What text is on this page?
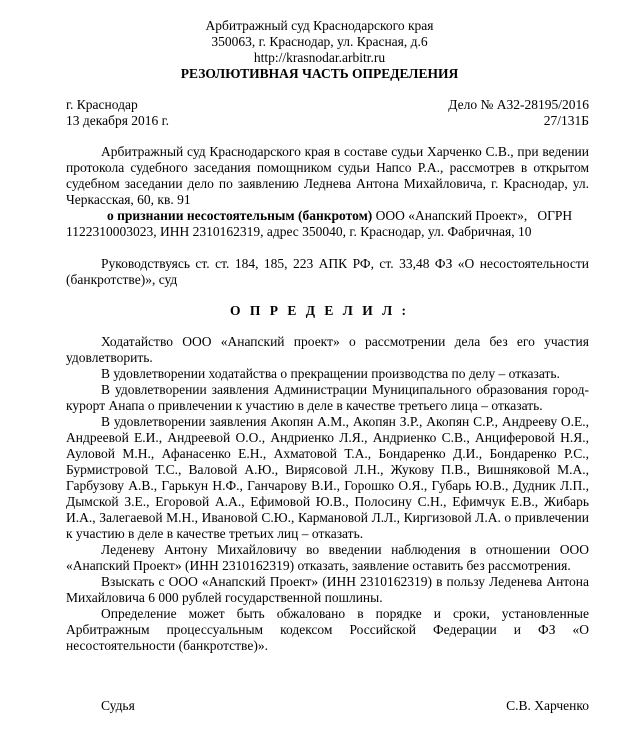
Арбитражный суд Краснодарского края
350063, г. Краснодар, ул. Красная, д.6
http://krasnodar.arbitr.ru
РЕЗОЛЮТИВНАЯ ЧАСТЬ ОПРЕДЕЛЕНИЯ
г. Краснодар	Дело № А32-28195/2016
13 декабря 2016 г.	27/131Б
Арбитражный суд Краснодарского края в составе судьи Харченко С.В., при ведении
протокола судебного заседания помощником судьи Напсо Р.А., рассмотрев в открытом
судебном заседании дело по заявлению Леднева Антона Михайловича, г. Краснодар, ул.
Черкасская, 60, кв. 91
о признании несостоятельным (банкротом) ООО «Анапский Проект»,   ОГРН
1122310003023, ИНН 2310162319, адрес 350040, г. Краснодар, ул. Фабричная, 10
Руководствуясь ст. ст. 184, 185, 223 АПК РФ, ст. 33,48 ФЗ «О несостоятельности
(банкротстве)», суд
О П Р Е Д Е Л И Л :
Ходатайство ООО «Анапский проект» о рассмотрении дела без его участия
удовлетворить.
В удовлетворении ходатайства о прекращении производства по делу – отказать.
В удовлетворении заявления Администрации Муниципального образования город-
курорт Анапа о привлечении к участию в деле в качестве третьего лица – отказать.
В удовлетворении заявления Акопян А.М., Акопян З.Р., Акопян С.Р., Андрееву О.Е.,
Андреевой Е.И., Андреевой О.О., Андриенко Л.Я., Андриенко С.В., Анциферовой Н.Я.,
Ауловой М.Н., Афанасенко Е.Н., Ахматовой Т.А., Бондаренко Д.И., Бондаренко Р.С.,
Бурмистровой Т.С., Валовой А.Ю., Вирясовой Л.Н., Жукову П.В., Вишняковой М.А.,
Гарбузову А.В., Гарькун Н.Ф., Ганчарову В.И., Горошко О.Я., Губарь Ю.В., Дудник Л.П.,
Дымской З.Е., Егоровой А.А., Ефимовой Ю.В., Полосину С.Н., Ефимчук Е.В., Жибарь
И.А., Залегаевой М.Н., Ивановой С.Ю., Кармановой Л.Л., Киргизовой Л.А. о привлечении
к участию в деле в качестве третьих лиц – отказать.
Леденеву Антону Михайловичу во введении наблюдения в отношении ООО
«Анапский Проект» (ИНН 2310162319) отказать, заявление оставить без рассмотрения.
Взыскать с ООО «Анапский Проект» (ИНН 2310162319) в пользу Леденева Антона
Михайловича 6 000 рублей государственной пошлины.
Определение может быть обжаловано в порядке и сроки, установленные
Арбитражным процессуальным кодексом Российской Федерации и ФЗ «О
несостоятельности (банкротстве)».
Судья	С.В. Харченко
